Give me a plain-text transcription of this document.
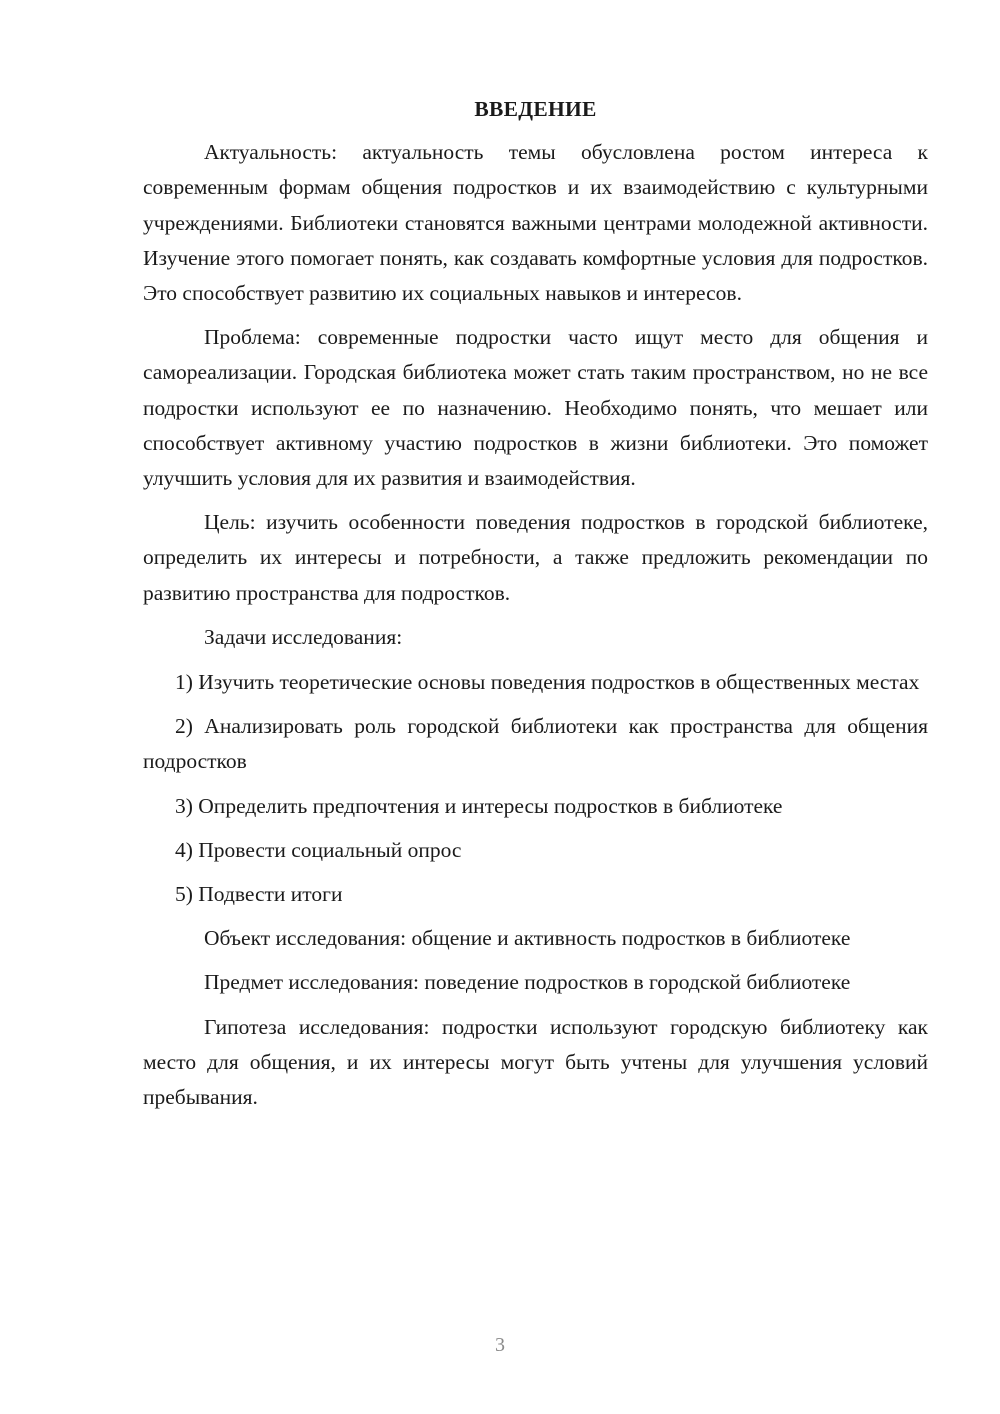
ВВЕДЕНИЕ

Актуальность: актуальность темы обусловлена ростом интереса к современным формам общения подростков и их взаимодействию с культурными учреждениями. Библиотеки становятся важными центрами молодежной активности. Изучение этого помогает понять, как создавать комфортные условия для подростков. Это способствует развитию их социальных навыков и интересов.

Проблема: современные подростки часто ищут место для общения и самореализации. Городская библиотека может стать таким пространством, но не все подростки используют ее по назначению. Необходимо понять, что мешает или способствует активному участию подростков в жизни библиотеки. Это поможет улучшить условия для их развития и взаимодействия.

Цель: изучить особенности поведения подростков в городской библиотеке, определить их интересы и потребности, а также предложить рекомендации по развитию пространства для подростков.

Задачи исследования:

1) Изучить теоретические основы поведения подростков в общественных местах

2) Анализировать роль городской библиотеки как пространства для общения подростков

3) Определить предпочтения и интересы подростков в библиотеке

4) Провести социальный опрос

5) Подвести итоги

Объект исследования: общение и активность подростков в библиотеке

Предмет исследования: поведение подростков в городской библиотеке

Гипотеза исследования: подростки используют городскую библиотеку как место для общения, и их интересы могут быть учтены для улучшения условий пребывания.

3
